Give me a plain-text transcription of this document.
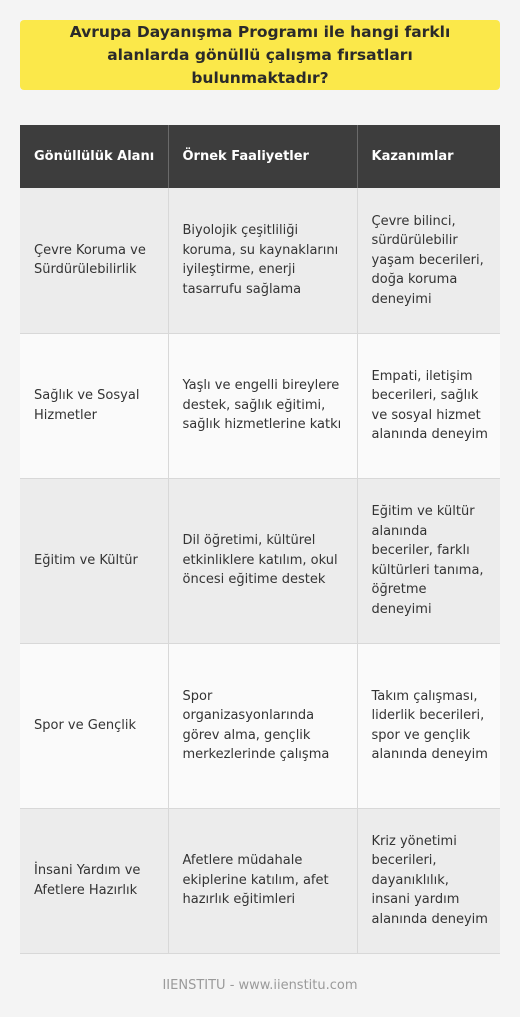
Avrupa Dayanışma Programı ile hangi farklı alanlarda gönüllü çalışma fırsatları bulunmaktadır?
Gönüllülük Alanı	Örnek Faaliyetler	Kazanımlar
Çevre Koruma ve Sürdürülebilirlik	Biyolojik çeşitliliği koruma, su kaynaklarını iyileştirme, enerji tasarrufu sağlama	Çevre bilinci, sürdürülebilir yaşam becerileri, doğa koruma deneyimi
Sağlık ve Sosyal Hizmetler	Yaşlı ve engelli bireylere destek, sağlık eğitimi, sağlık hizmetlerine katkı	Empati, iletişim becerileri, sağlık ve sosyal hizmet alanında deneyim
Eğitim ve Kültür	Dil öğretimi, kültürel etkinliklere katılım, okul öncesi eğitime destek	Eğitim ve kültür alanında beceriler, farklı kültürleri tanıma, öğretme deneyimi
Spor ve Gençlik	Spor organizasyonlarında görev alma, gençlik merkezlerinde çalışma	Takım çalışması, liderlik becerileri, spor ve gençlik alanında deneyim
İnsani Yardım ve Afetlere Hazırlık	Afetlere müdahale ekiplerine katılım, afet hazırlık eğitimleri	Kriz yönetimi becerileri, dayanıklılık, insani yardım alanında deneyim
IIENSTITU - www.iienstitu.com
